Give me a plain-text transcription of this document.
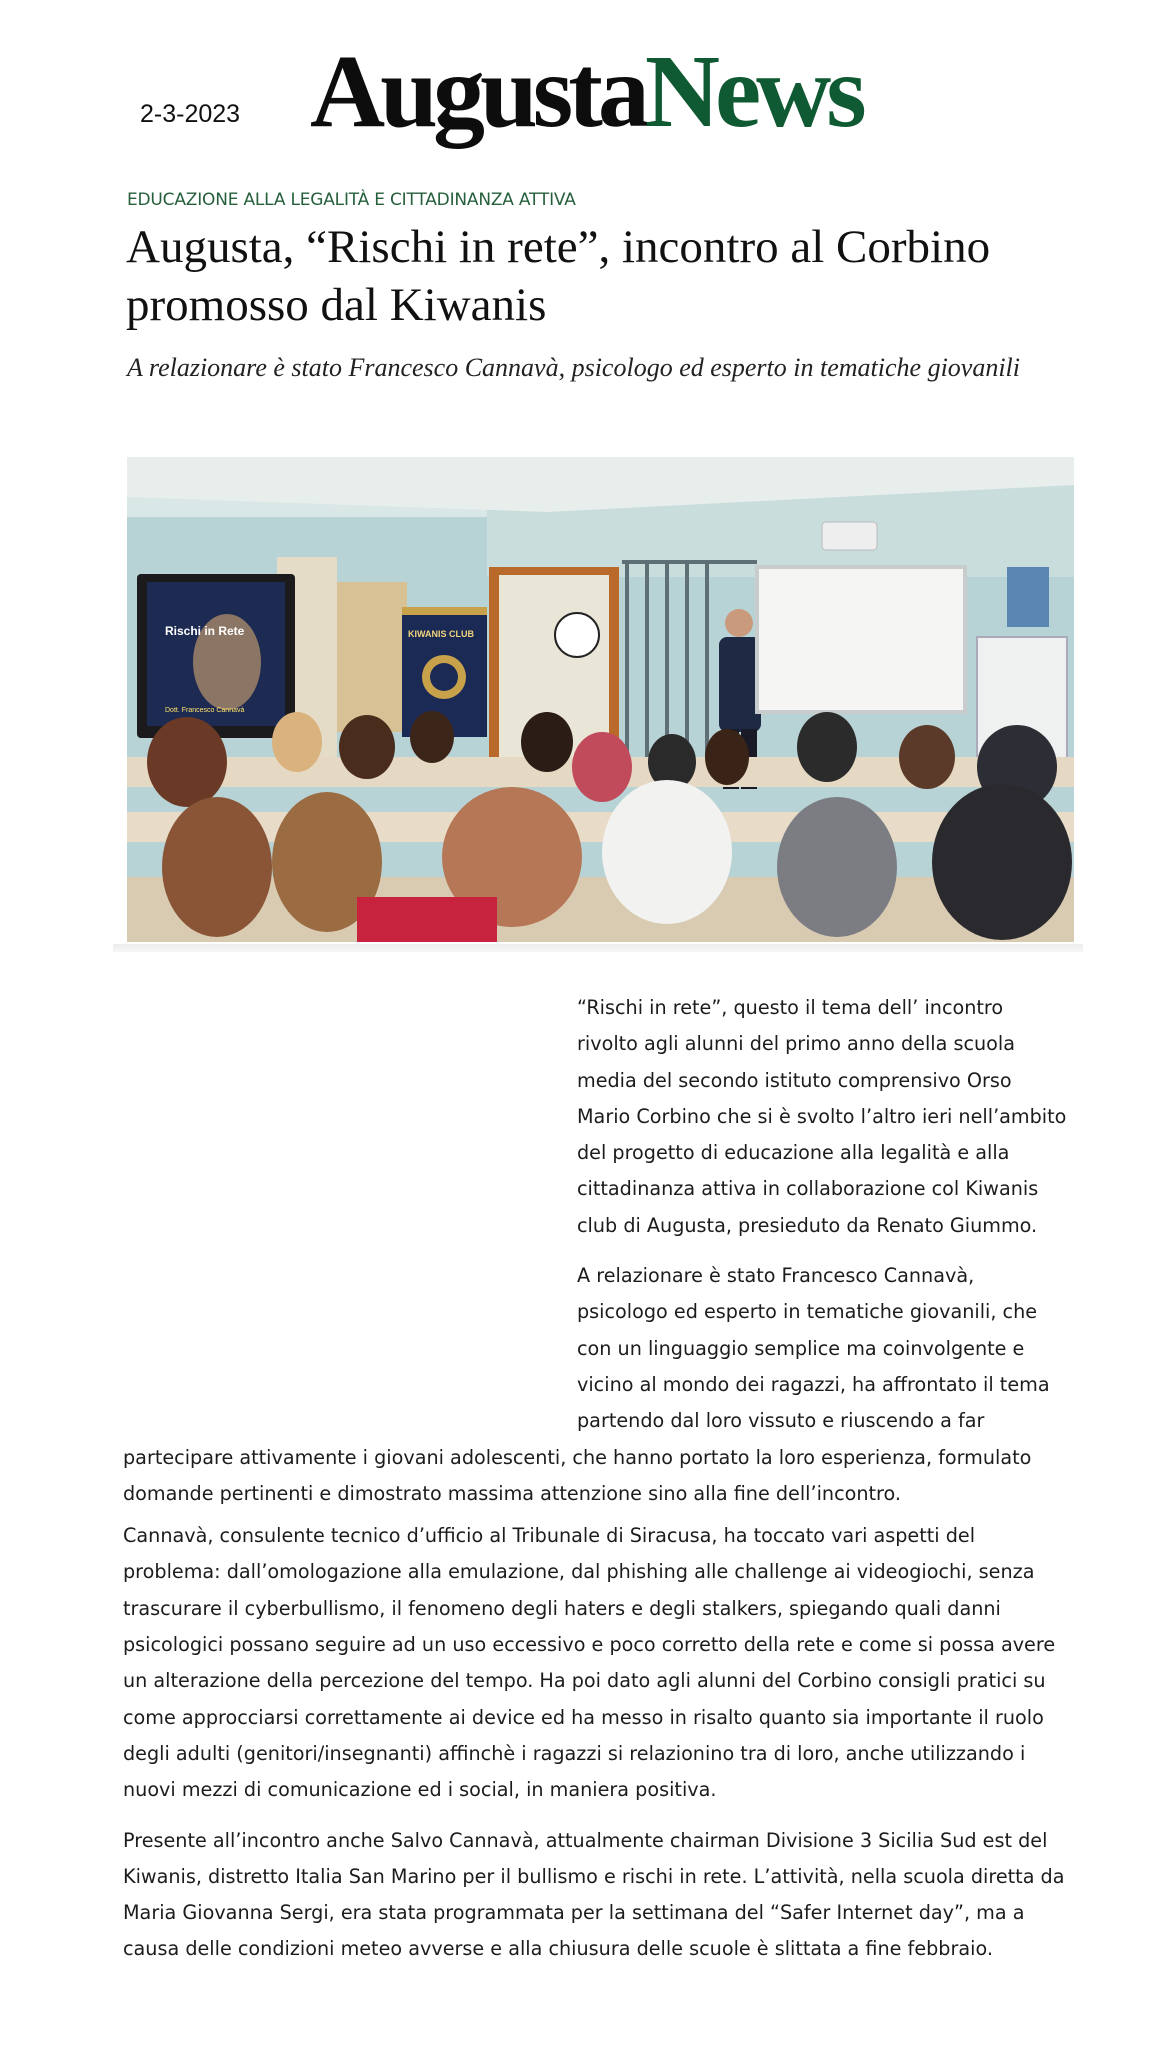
2-3-2023 AugustaNews
EDUCAZIONE ALLA LEGALITÀ E CITTADINANZA ATTIVA
Augusta, “Rischi in rete”, incontro al Corbino promosso dal Kiwanis

A relazionare è stato Francesco Cannavà, psicologo ed esperto in tematiche giovanili

Rischi in Rete
Dott. Francesco Cannavà
KIWANIS CLUB

“Rischi in rete”, questo il tema dell’ incontro rivolto agli alunni del primo anno della scuola media del secondo istituto comprensivo Orso Mario Corbino che si è svolto l’altro ieri nell’ambito del progetto di educazione alla legalità e alla cittadinanza attiva in collaborazione col Kiwanis club di Augusta, presieduto da Renato Giummo.

A relazionare è stato Francesco Cannavà, psicologo ed esperto in tematiche giovanili, che con un linguaggio semplice ma coinvolgente e vicino al mondo dei ragazzi, ha affrontato il tema partendo dal loro vissuto e riuscendo a far partecipare attivamente i giovani adolescenti, che hanno portato la loro esperienza, formulato domande pertinenti e dimostrato massima attenzione sino alla fine dell’incontro.

Cannavà, consulente tecnico d’ufficio al Tribunale di Siracusa, ha toccato vari aspetti del problema: dall’omologazione alla emulazione, dal phishing alle challenge ai videogiochi, senza trascurare il cyberbullismo, il fenomeno degli haters e degli stalkers, spiegando quali danni psicologici possano seguire ad un uso eccessivo e poco corretto della rete e come si possa avere un alterazione della percezione del tempo. Ha poi dato agli alunni del Corbino consigli pratici su come approcciarsi correttamente ai device ed ha messo in risalto quanto sia importante il ruolo degli adulti (genitori/insegnanti) affinchè i ragazzi si relazionino tra di loro, anche utilizzando i nuovi mezzi di comunicazione ed i social, in maniera positiva.

Presente all’incontro anche Salvo Cannavà, attualmente chairman Divisione 3 Sicilia Sud est del Kiwanis, distretto Italia San Marino per il bullismo e rischi in rete. L’attività, nella scuola diretta da Maria Giovanna Sergi, era stata programmata per la settimana del “Safer Internet day”, ma a causa delle condizioni meteo avverse e alla chiusura delle scuole è slittata a fine febbraio.
